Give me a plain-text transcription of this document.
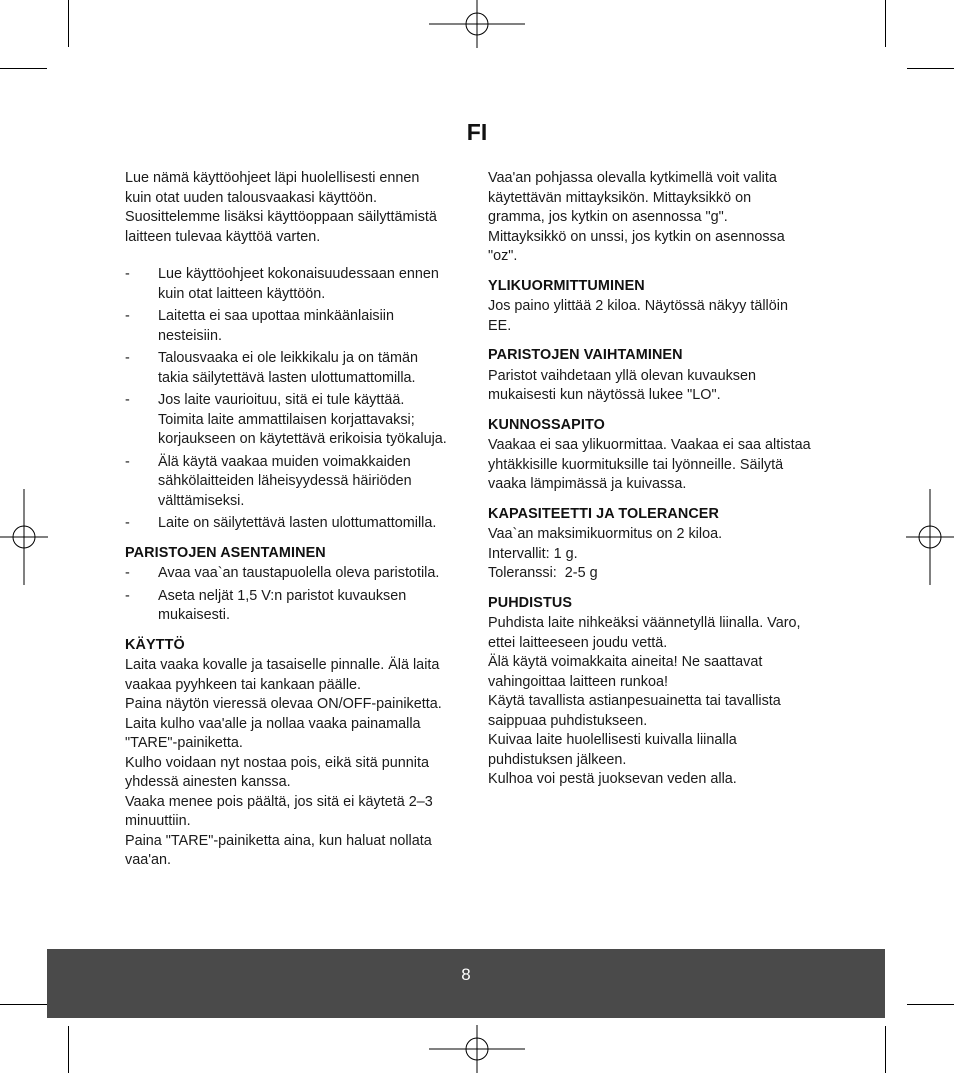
FI

Lue nämä käyttöohjeet läpi huolellisesti ennen
kuin otat uuden talousvaakasi käyttöön.
Suosittelemme lisäksi käyttöoppaan säilyttämistä
laitteen tulevaa käyttöä varten.

- Lue käyttöohjeet kokonaisuudessaan ennen
kuin otat laitteen käyttöön.
- Laitetta ei saa upottaa minkäänlaisiin
nesteisiin.
- Talousvaaka ei ole leikkikalu ja on tämän
takia säilytettävä lasten ulottumattomilla.
- Jos laite vaurioituu, sitä ei tule käyttää.
Toimita laite ammattilaisen korjattavaksi;
korjaukseen on käytettävä erikoisia työkaluja.
- Älä käytä vaakaa muiden voimakkaiden
sähkölaitteiden läheisyydessä häiriöden
välttämiseksi.
- Laite on säilytettävä lasten ulottumattomilla.
PARISTOJEN ASENTAMINEN
- Avaa vaa`an taustapuolella oleva paristotila.
- Aseta neljät 1,5 V:n paristot kuvauksen
mukaisesti.
KÄYTTÖ

Laita vaaka kovalle ja tasaiselle pinnalle. Älä laita
vaakaa pyyhkeen tai kankaan päälle.
Paina näytön vieressä olevaa ON/OFF-painiketta.
Laita kulho vaa'alle ja nollaa vaaka painamalla
"TARE"-painiketta.
Kulho voidaan nyt nostaa pois, eikä sitä punnita
yhdessä ainesten kanssa.
Vaaka menee pois päältä, jos sitä ei käytetä 2–3
minuuttiin.
Paina "TARE"-painiketta aina, kun haluat nollata
vaa'an.

Vaa'an pohjassa olevalla kytkimellä voit valita
käytettävän mittayksikön. Mittayksikkö on
gramma, jos kytkin on asennossa "g".
Mittayksikkö on unssi, jos kytkin on asennossa
"oz".

YLIKUORMITTUMINEN

Jos paino ylittää 2 kiloa. Näytössä näkyy tällöin
EE.

PARISTOJEN VAIHTAMINEN

Paristot vaihdetaan yllä olevan kuvauksen
mukaisesti kun näytössä lukee "LO".

KUNNOSSAPITO

Vaakaa ei saa ylikuormittaa. Vaakaa ei saa altistaa
yhtäkkisille kuormituksille tai lyönneille. Säilytä
vaaka lämpimässä ja kuivassa.

KAPASITEETTI JA TOLERANCER

Vaa`an maksimikuormitus on 2 kiloa.
Intervallit: 1 g.
Toleranssi:  2-5 g

PUHDISTUS

Puhdista laite nihkeäksi väännetyllä liinalla. Varo,
ettei laitteeseen joudu vettä.
Älä käytä voimakkaita aineita! Ne saattavat
vahingoittaa laitteen runkoa!
Käytä tavallista astianpesuainetta tai tavallista
saippuaa puhdistukseen.
Kuivaa laite huolellisesti kuivalla liinalla
puhdistuksen jälkeen.
Kulhoa voi pestä juoksevan veden alla.

8
